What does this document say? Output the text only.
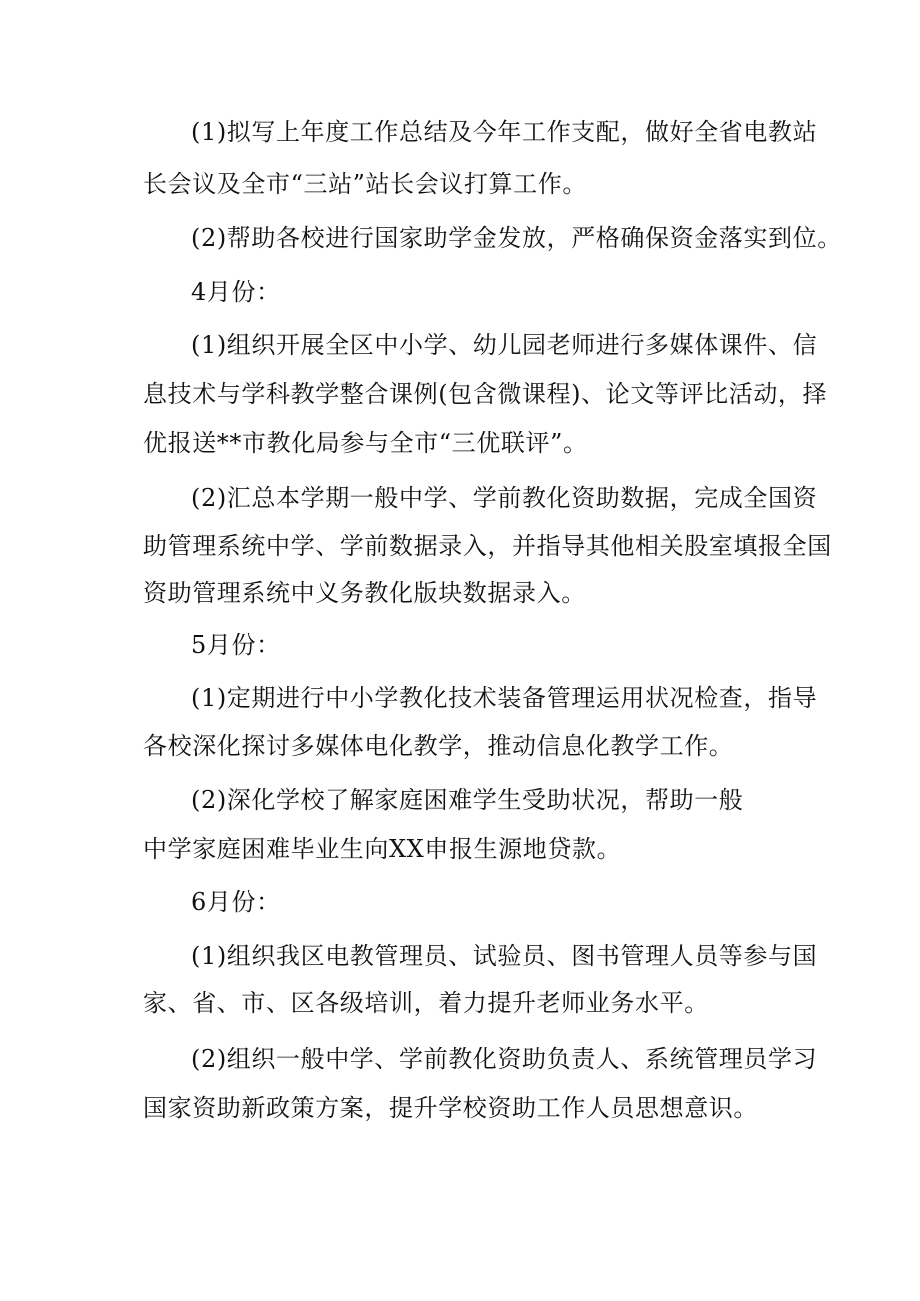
(1)拟写上年度工作总结及今年工作支配，做好全省电教站
长会议及全市“三站”站长会议打算工作。
(2)帮助各校进行国家助学金发放，严格确保资金落实到位。
4月份：
(1)组织开展全区中小学、幼儿园老师进行多媒体课件、信
息技术与学科教学整合课例(包含微课程)、论文等评比活动，择
优报送**市教化局参与全市“三优联评”。
(2)汇总本学期一般中学、学前教化资助数据，完成全国资
助管理系统中学、学前数据录入，并指导其他相关股室填报全国
资助管理系统中义务教化版块数据录入。
5月份：
(1)定期进行中小学教化技术装备管理运用状况检查，指导
各校深化探讨多媒体电化教学，推动信息化教学工作。
(2)深化学校了解家庭困难学生受助状况，帮助一般
中学家庭困难毕业生向XX申报生源地贷款。
6月份：
(1)组织我区电教管理员、试验员、图书管理人员等参与国
家、省、市、区各级培训，着力提升老师业务水平。
(2)组织一般中学、学前教化资助负责人、系统管理员学习
国家资助新政策方案，提升学校资助工作人员思想意识。
